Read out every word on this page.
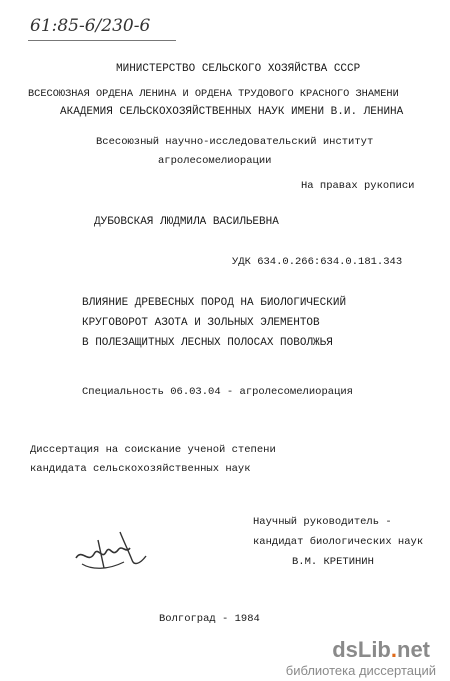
61:85-6/230-6
МИНИСТЕРСТВО СЕЛЬСКОГО ХОЗЯЙСТВА СССР
ВСЕСОЮЗНАЯ ОРДЕНА ЛЕНИНА И ОРДЕНА ТРУДОВОГО КРАСНОГО ЗНАМЕНИ
АКАДЕМИЯ СЕЛЬСКОХОЗЯЙСТВЕННЫХ НАУК ИМЕНИ В.И. ЛЕНИНА
Всесоюзный научно-исследовательский институт
агролесомелиорации
На правах рукописи
ДУБОВСКАЯ ЛЮДМИЛА ВАСИЛЬЕВНА
УДК 634.0.266:634.0.181.343
ВЛИЯНИЕ ДРЕВЕСНЫХ ПОРОД НА БИОЛОГИЧЕСКИЙ
КРУГОВОРОТ АЗОТА И ЗОЛЬНЫХ ЭЛЕМЕНТОВ
В ПОЛЕЗАЩИТНЫХ ЛЕСНЫХ ПОЛОСАХ ПОВОЛЖЬЯ
Специальность 06.03.04 - агролесомелиорация
Диссертация на соискание ученой степени
кандидата сельскохозяйственных наук
Научный руководитель -
кандидат биологических наук
В.М. КРЕТИНИН
Волгоград - 1984
dsLib.net
библиотека диссертаций
